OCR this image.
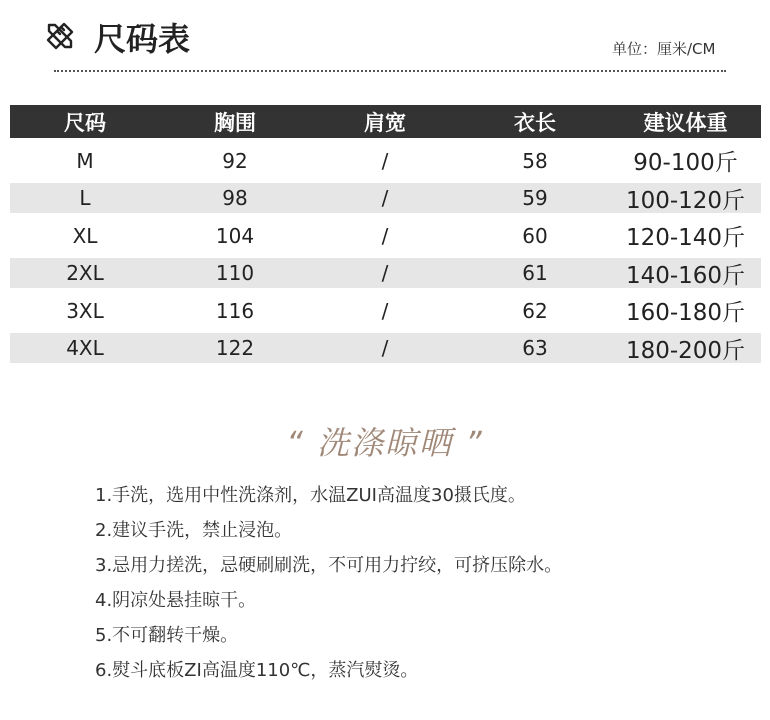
尺码表	单位：厘米/CM
尺码	胸围	肩宽	衣长	建议体重
M	92	/	58	90-100斤
L	98	/	59	100-120斤
XL	104	/	60	120-140斤
2XL	110	/	61	140-160斤
3XL	116	/	62	160-180斤
4XL	122	/	63	180-200斤
“ 洗涤晾晒 ”
1.手洗，选用中性洗涤剂，水温ZUI高温度30摄氏度。
2.建议手洗，禁止浸泡。
3.忌用力搓洗，忌硬刷刷洗，不可用力拧绞，可挤压除水。
4.阴凉处悬挂晾干。
5.不可翻转干燥。
6.熨斗底板ZI高温度110℃，蒸汽熨烫。
